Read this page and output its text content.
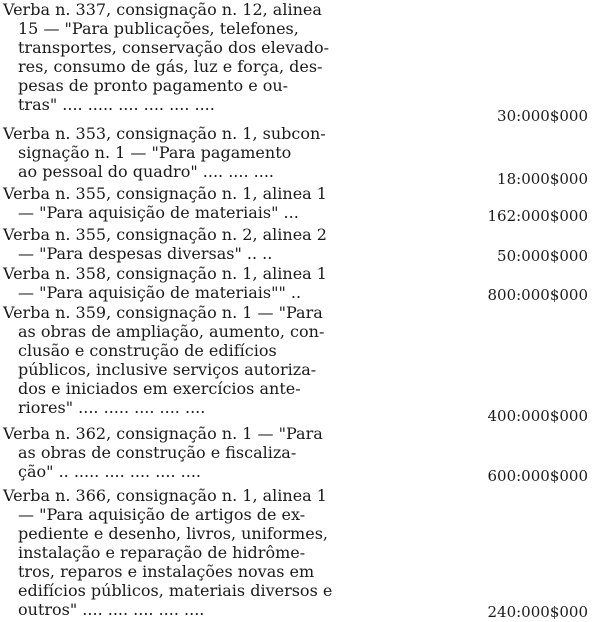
Verba n. 337, consignação n. 12, alinea
15 — "Para publicações, telefones,
transportes, conservação dos elevado-
res, consumo de gás, luz e força, des-
pesas de pronto pagamento e ou-
tras" .... ..... .... .... .... ....
30:000$000
Verba n. 353, consignação n. 1, subcon-
signação n. 1 — "Para pagamento
ao pessoal do quadro" .... .... ....	18:000$000
Verba n. 355, consignação n. 1, alinea 1
— "Para aquisição de materiais" ...	162:000$000
Verba n. 355, consignação n. 2, alinea 2
— "Para despesas diversas" .. ..	50:000$000
Verba n. 358, consignação n. 1, alinea 1
— "Para aquisição de materiais"" ..	800:000$000
Verba n. 359, consignação n. 1 — "Para
as obras de ampliação, aumento, con-
clusão e construção de edifícios
públicos, inclusive serviços autoriza-
dos e iniciados em exercícios ante-
riores" .... ..... .... .... ....	400:000$000
Verba n. 362, consignação n. 1 — "Para
as obras de construção e fiscaliza-
ção" .. ..... .... .... .... ....	600:000$000
Verba n. 366, consignação n. 1, alinea 1
— "Para aquisição de artigos de ex-
pediente e desenho, livros, uniformes,
instalação e reparação de hidrôme-
tros, reparos e instalações novas em
edifícios públicos, materiais diversos e
outros" .... .... .... .... ....	240:000$000
